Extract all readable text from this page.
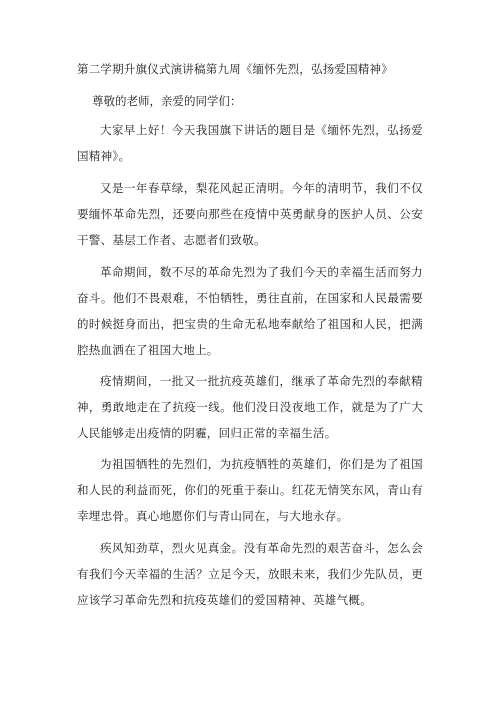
第二学期升旗仪式演讲稿第九周《缅怀先烈，弘扬爱国精神》
尊敬的老师，亲爱的同学们：

大家早上好！今天我国旗下讲话的题目是《缅怀先烈，弘扬爱国精神》。

又是一年春草绿，梨花风起正清明。今年的清明节，我们不仅要缅怀革命先烈，还要向那些在疫情中英勇献身的医护人员、公安干警、基层工作者、志愿者们致敬。

革命期间，数不尽的革命先烈为了我们今天的幸福生活而努力奋斗。他们不畏艰难，不怕牺牲，勇往直前，在国家和人民最需要的时候挺身而出，把宝贵的生命无私地奉献给了祖国和人民，把满腔热血洒在了祖国大地上。

疫情期间，一批又一批抗疫英雄们，继承了革命先烈的奉献精神，勇敢地走在了抗疫一线。他们没日没夜地工作，就是为了广大人民能够走出疫情的阴霾，回归正常的幸福生活。

为祖国牺牲的先烈们，为抗疫牺牲的英雄们，你们是为了祖国和人民的利益而死，你们的死重于泰山。红花无情笑东风，青山有幸埋忠骨。真心地愿你们与青山同在，与大地永存。

疾风知劲草，烈火见真金。没有革命先烈的艰苦奋斗，怎么会有我们今天幸福的生活？立足今天，放眼未来，我们少先队员，更应该学习革命先烈和抗疫英雄们的爱国精神、英雄气概。
